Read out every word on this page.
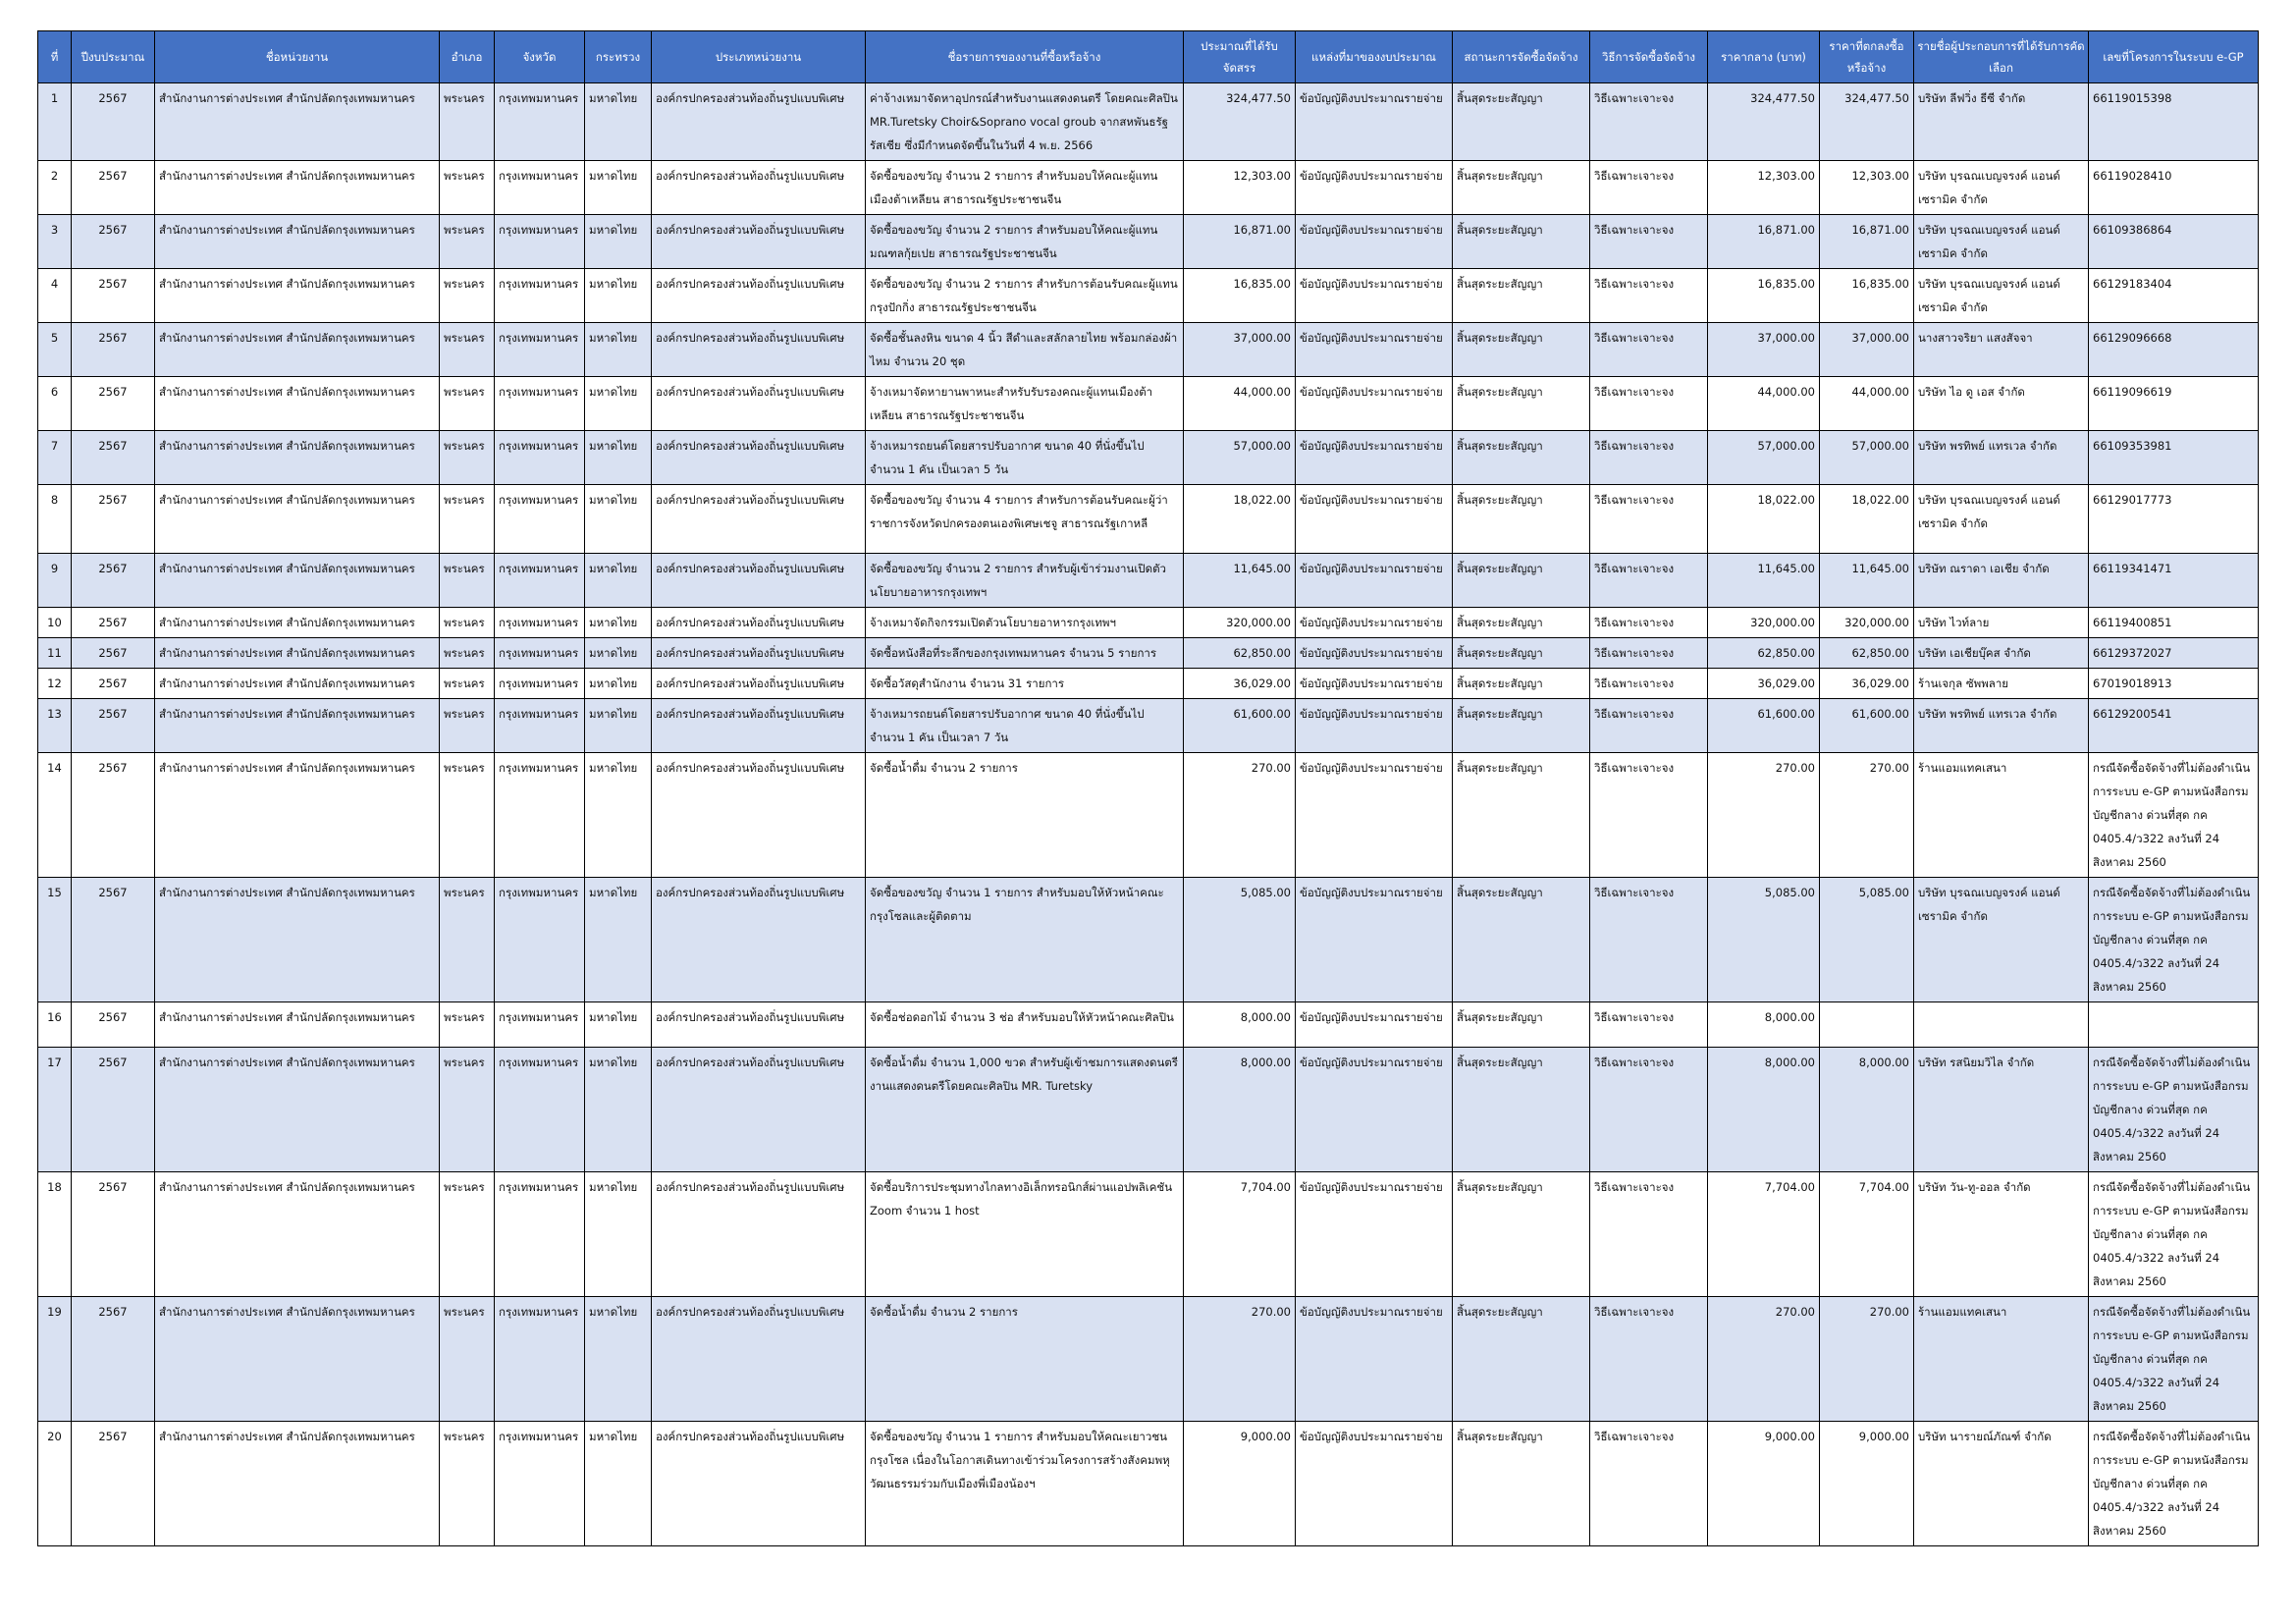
ที่	ปีงบประมาณ	ชื่อหน่วยงาน	อำเภอ	จังหวัด	กระทรวง	ประเภทหน่วยงาน	ชื่อรายการของงานที่ซื้อหรือจ้าง	ประมาณที่ได้รับจัดสรร	แหล่งที่มาของงบประมาณ	สถานะการจัดซื้อจัดจ้าง	วิธีการจัดซื้อจัดจ้าง	ราคากลาง (บาท)	ราคาที่ตกลงซื้อหรือจ้าง	รายชื่อผู้ประกอบการที่ได้รับการคัดเลือก	เลขที่โครงการในระบบ e-GP
1	2567	สำนักงานการต่างประเทศ สำนักปลัดกรุงเทพมหานคร	พระนคร	กรุงเทพมหานคร	มหาดไทย	องค์กรปกครองส่วนท้องถิ่นรูปแบบพิเศษ	ค่าจ้างเหมาจัดหาอุปกรณ์สำหรับงานแสดงดนตรี โดยคณะศิลปิน MR.Turetsky Choir&Soprano vocal groub จากสหพันธรัฐรัสเซีย ซึ่งมีกำหนดจัดขึ้นในวันที่ 4 พ.ย. 2566	324,477.50	ข้อบัญญัติงบประมาณรายจ่าย	สิ้นสุดระยะสัญญา	วิธีเฉพาะเจาะจง	324,477.50	324,477.50	บริษัท ลีฟวิ่ง ธีซี จำกัด	66119015398
2	2567	สำนักงานการต่างประเทศ สำนักปลัดกรุงเทพมหานคร	พระนคร	กรุงเทพมหานคร	มหาดไทย	องค์กรปกครองส่วนท้องถิ่นรูปแบบพิเศษ	จัดซื้อของขวัญ จำนวน 2 รายการ สำหรับมอบให้คณะผู้แทนเมืองต้าเหลียน สาธารณรัฐประชาชนจีน	12,303.00	ข้อบัญญัติงบประมาณรายจ่าย	สิ้นสุดระยะสัญญา	วิธีเฉพาะเจาะจง	12,303.00	12,303.00	บริษัท บุรฉณเบญจรงค์ แอนด์ เซรามิค จำกัด	66119028410
3	2567	สำนักงานการต่างประเทศ สำนักปลัดกรุงเทพมหานคร	พระนคร	กรุงเทพมหานคร	มหาดไทย	องค์กรปกครองส่วนท้องถิ่นรูปแบบพิเศษ	จัดซื้อของขวัญ จำนวน 2 รายการ สำหรับมอบให้คณะผู้แทนมณฑลกุ้ยเปย สาธารณรัฐประชาชนจีน	16,871.00	ข้อบัญญัติงบประมาณรายจ่าย	สิ้นสุดระยะสัญญา	วิธีเฉพาะเจาะจง	16,871.00	16,871.00	บริษัท บุรฉณเบญจรงค์ แอนด์ เซรามิค จำกัด	66109386864
4	2567	สำนักงานการต่างประเทศ สำนักปลัดกรุงเทพมหานคร	พระนคร	กรุงเทพมหานคร	มหาดไทย	องค์กรปกครองส่วนท้องถิ่นรูปแบบพิเศษ	จัดซื้อของขวัญ จำนวน 2 รายการ สำหรับการต้อนรับคณะผู้แทนกรุงปักกิ่ง สาธารณรัฐประชาชนจีน	16,835.00	ข้อบัญญัติงบประมาณรายจ่าย	สิ้นสุดระยะสัญญา	วิธีเฉพาะเจาะจง	16,835.00	16,835.00	บริษัท บุรฉณเบญจรงค์ แอนด์ เซรามิค จำกัด	66129183404
5	2567	สำนักงานการต่างประเทศ สำนักปลัดกรุงเทพมหานคร	พระนคร	กรุงเทพมหานคร	มหาดไทย	องค์กรปกครองส่วนท้องถิ่นรูปแบบพิเศษ	จัดซื้อชั้นลงหิน ขนาด 4 นิ้ว สีดำและสลักลายไทย พร้อมกล่องผ้าไหม จำนวน 20 ชุด	37,000.00	ข้อบัญญัติงบประมาณรายจ่าย	สิ้นสุดระยะสัญญา	วิธีเฉพาะเจาะจง	37,000.00	37,000.00	นางสาวจริยา แสงสัจจา	66129096668
6	2567	สำนักงานการต่างประเทศ สำนักปลัดกรุงเทพมหานคร	พระนคร	กรุงเทพมหานคร	มหาดไทย	องค์กรปกครองส่วนท้องถิ่นรูปแบบพิเศษ	จ้างเหมาจัดหายานพาหนะสำหรับรับรองคณะผู้แทนเมืองต้าเหลียน สาธารณรัฐประชาชนจีน	44,000.00	ข้อบัญญัติงบประมาณรายจ่าย	สิ้นสุดระยะสัญญา	วิธีเฉพาะเจาะจง	44,000.00	44,000.00	บริษัท ไอ ดู เอส จำกัด	66119096619
7	2567	สำนักงานการต่างประเทศ สำนักปลัดกรุงเทพมหานคร	พระนคร	กรุงเทพมหานคร	มหาดไทย	องค์กรปกครองส่วนท้องถิ่นรูปแบบพิเศษ	จ้างเหมารถยนต์โดยสารปรับอากาศ ขนาด 40 ที่นั่งขึ้นไป จำนวน 1 คัน เป็นเวลา 5 วัน	57,000.00	ข้อบัญญัติงบประมาณรายจ่าย	สิ้นสุดระยะสัญญา	วิธีเฉพาะเจาะจง	57,000.00	57,000.00	บริษัท พรทิพย์ แทรเวล จำกัด	66109353981
8	2567	สำนักงานการต่างประเทศ สำนักปลัดกรุงเทพมหานคร	พระนคร	กรุงเทพมหานคร	มหาดไทย	องค์กรปกครองส่วนท้องถิ่นรูปแบบพิเศษ	จัดซื้อของขวัญ จำนวน 4 รายการ สำหรับการต้อนรับคณะผู้ว่าราชการจังหวัดปกครองตนเองพิเศษเชจู สาธารณรัฐเกาหลี	18,022.00	ข้อบัญญัติงบประมาณรายจ่าย	สิ้นสุดระยะสัญญา	วิธีเฉพาะเจาะจง	18,022.00	18,022.00	บริษัท บุรฉณเบญจรงค์ แอนด์ เซรามิค จำกัด	66129017773
9	2567	สำนักงานการต่างประเทศ สำนักปลัดกรุงเทพมหานคร	พระนคร	กรุงเทพมหานคร	มหาดไทย	องค์กรปกครองส่วนท้องถิ่นรูปแบบพิเศษ	จัดซื้อของขวัญ จำนวน 2 รายการ สำหรับผู้เข้าร่วมงานเปิดตัวนโยบายอาหารกรุงเทพฯ	11,645.00	ข้อบัญญัติงบประมาณรายจ่าย	สิ้นสุดระยะสัญญา	วิธีเฉพาะเจาะจง	11,645.00	11,645.00	บริษัท ณราดา เอเชีย จำกัด	66119341471
10	2567	สำนักงานการต่างประเทศ สำนักปลัดกรุงเทพมหานคร	พระนคร	กรุงเทพมหานคร	มหาดไทย	องค์กรปกครองส่วนท้องถิ่นรูปแบบพิเศษ	จ้างเหมาจัดกิจกรรมเปิดตัวนโยบายอาหารกรุงเทพฯ	320,000.00	ข้อบัญญัติงบประมาณรายจ่าย	สิ้นสุดระยะสัญญา	วิธีเฉพาะเจาะจง	320,000.00	320,000.00	บริษัท ไวท์ลาย	66119400851
11	2567	สำนักงานการต่างประเทศ สำนักปลัดกรุงเทพมหานคร	พระนคร	กรุงเทพมหานคร	มหาดไทย	องค์กรปกครองส่วนท้องถิ่นรูปแบบพิเศษ	จัดซื้อหนังสือที่ระลึกของกรุงเทพมหานคร จำนวน 5 รายการ	62,850.00	ข้อบัญญัติงบประมาณรายจ่าย	สิ้นสุดระยะสัญญา	วิธีเฉพาะเจาะจง	62,850.00	62,850.00	บริษัท เอเชียบุ๊คส จำกัด	66129372027
12	2567	สำนักงานการต่างประเทศ สำนักปลัดกรุงเทพมหานคร	พระนคร	กรุงเทพมหานคร	มหาดไทย	องค์กรปกครองส่วนท้องถิ่นรูปแบบพิเศษ	จัดซื้อวัสดุสำนักงาน จำนวน 31 รายการ	36,029.00	ข้อบัญญัติงบประมาณรายจ่าย	สิ้นสุดระยะสัญญา	วิธีเฉพาะเจาะจง	36,029.00	36,029.00	ร้านเจกุล ซัพพลาย	67019018913
13	2567	สำนักงานการต่างประเทศ สำนักปลัดกรุงเทพมหานคร	พระนคร	กรุงเทพมหานคร	มหาดไทย	องค์กรปกครองส่วนท้องถิ่นรูปแบบพิเศษ	จ้างเหมารถยนต์โดยสารปรับอากาศ ขนาด 40 ที่นั่งขึ้นไป จำนวน 1 คัน เป็นเวลา 7 วัน	61,600.00	ข้อบัญญัติงบประมาณรายจ่าย	สิ้นสุดระยะสัญญา	วิธีเฉพาะเจาะจง	61,600.00	61,600.00	บริษัท พรทิพย์ แทรเวล จำกัด	66129200541
14	2567	สำนักงานการต่างประเทศ สำนักปลัดกรุงเทพมหานคร	พระนคร	กรุงเทพมหานคร	มหาดไทย	องค์กรปกครองส่วนท้องถิ่นรูปแบบพิเศษ	จัดซื้อน้ำดื่ม จำนวน 2 รายการ	270.00	ข้อบัญญัติงบประมาณรายจ่าย	สิ้นสุดระยะสัญญา	วิธีเฉพาะเจาะจง	270.00	270.00	ร้านแอมแทคเสนา	กรณีจัดซื้อจัดจ้างที่ไม่ต้องดำเนินการระบบ e-GP ตามหนังสือกรมบัญชีกลาง ด่วนที่สุด กค 0405.4/ว322 ลงวันที่ 24 สิงหาคม 2560
15	2567	สำนักงานการต่างประเทศ สำนักปลัดกรุงเทพมหานคร	พระนคร	กรุงเทพมหานคร	มหาดไทย	องค์กรปกครองส่วนท้องถิ่นรูปแบบพิเศษ	จัดซื้อของขวัญ จำนวน 1 รายการ สำหรับมอบให้หัวหน้าคณะกรุงโซลและผู้ติดตาม	5,085.00	ข้อบัญญัติงบประมาณรายจ่าย	สิ้นสุดระยะสัญญา	วิธีเฉพาะเจาะจง	5,085.00	5,085.00	บริษัท บุรฉณเบญจรงค์ แอนด์ เซรามิค จำกัด	กรณีจัดซื้อจัดจ้างที่ไม่ต้องดำเนินการระบบ e-GP ตามหนังสือกรมบัญชีกลาง ด่วนที่สุด กค 0405.4/ว322 ลงวันที่ 24 สิงหาคม 2560
16	2567	สำนักงานการต่างประเทศ สำนักปลัดกรุงเทพมหานคร	พระนคร	กรุงเทพมหานคร	มหาดไทย	องค์กรปกครองส่วนท้องถิ่นรูปแบบพิเศษ	จัดซื้อช่อดอกไม้ จำนวน 3 ช่อ สำหรับมอบให้หัวหน้าคณะศิลปิน	8,000.00	ข้อบัญญัติงบประมาณรายจ่าย	สิ้นสุดระยะสัญญา	วิธีเฉพาะเจาะจง	8,000.00			
17	2567	สำนักงานการต่างประเทศ สำนักปลัดกรุงเทพมหานคร	พระนคร	กรุงเทพมหานคร	มหาดไทย	องค์กรปกครองส่วนท้องถิ่นรูปแบบพิเศษ	จัดซื้อน้ำดื่ม จำนวน 1,000 ขวด สำหรับผู้เข้าชมการแสดงดนตรีงานแสดงดนตรีโดยคณะศิลปิน MR. Turetsky	8,000.00	ข้อบัญญัติงบประมาณรายจ่าย	สิ้นสุดระยะสัญญา	วิธีเฉพาะเจาะจง	8,000.00	8,000.00	บริษัท รสนิยมวิไล จำกัด	กรณีจัดซื้อจัดจ้างที่ไม่ต้องดำเนินการระบบ e-GP ตามหนังสือกรมบัญชีกลาง ด่วนที่สุด กค 0405.4/ว322 ลงวันที่ 24 สิงหาคม 2560
18	2567	สำนักงานการต่างประเทศ สำนักปลัดกรุงเทพมหานคร	พระนคร	กรุงเทพมหานคร	มหาดไทย	องค์กรปกครองส่วนท้องถิ่นรูปแบบพิเศษ	จัดซื้อบริการประชุมทางไกลทางอิเล็กทรอนิกส์ผ่านแอปพลิเคชัน Zoom จำนวน 1 host	7,704.00	ข้อบัญญัติงบประมาณรายจ่าย	สิ้นสุดระยะสัญญา	วิธีเฉพาะเจาะจง	7,704.00	7,704.00	บริษัท วัน-ทู-ออล จำกัด	กรณีจัดซื้อจัดจ้างที่ไม่ต้องดำเนินการระบบ e-GP ตามหนังสือกรมบัญชีกลาง ด่วนที่สุด กค 0405.4/ว322 ลงวันที่ 24 สิงหาคม 2560
19	2567	สำนักงานการต่างประเทศ สำนักปลัดกรุงเทพมหานคร	พระนคร	กรุงเทพมหานคร	มหาดไทย	องค์กรปกครองส่วนท้องถิ่นรูปแบบพิเศษ	จัดซื้อน้ำดื่ม จำนวน 2 รายการ	270.00	ข้อบัญญัติงบประมาณรายจ่าย	สิ้นสุดระยะสัญญา	วิธีเฉพาะเจาะจง	270.00	270.00	ร้านแอมแทคเสนา	กรณีจัดซื้อจัดจ้างที่ไม่ต้องดำเนินการระบบ e-GP ตามหนังสือกรมบัญชีกลาง ด่วนที่สุด กค 0405.4/ว322 ลงวันที่ 24 สิงหาคม 2560
20	2567	สำนักงานการต่างประเทศ สำนักปลัดกรุงเทพมหานคร	พระนคร	กรุงเทพมหานคร	มหาดไทย	องค์กรปกครองส่วนท้องถิ่นรูปแบบพิเศษ	จัดซื้อของขวัญ จำนวน 1 รายการ สำหรับมอบให้คณะเยาวชนกรุงโซล เนื่องในโอกาสเดินทางเข้าร่วมโครงการสร้างสังคมพหุวัฒนธรรมร่วมกับเมืองพี่เมืองน้องฯ	9,000.00	ข้อบัญญัติงบประมาณรายจ่าย	สิ้นสุดระยะสัญญา	วิธีเฉพาะเจาะจง	9,000.00	9,000.00	บริษัท นารายณ์ภัณฑ์ จำกัด	กรณีจัดซื้อจัดจ้างที่ไม่ต้องดำเนินการระบบ e-GP ตามหนังสือกรมบัญชีกลาง ด่วนที่สุด กค 0405.4/ว322 ลงวันที่ 24 สิงหาคม 2560
